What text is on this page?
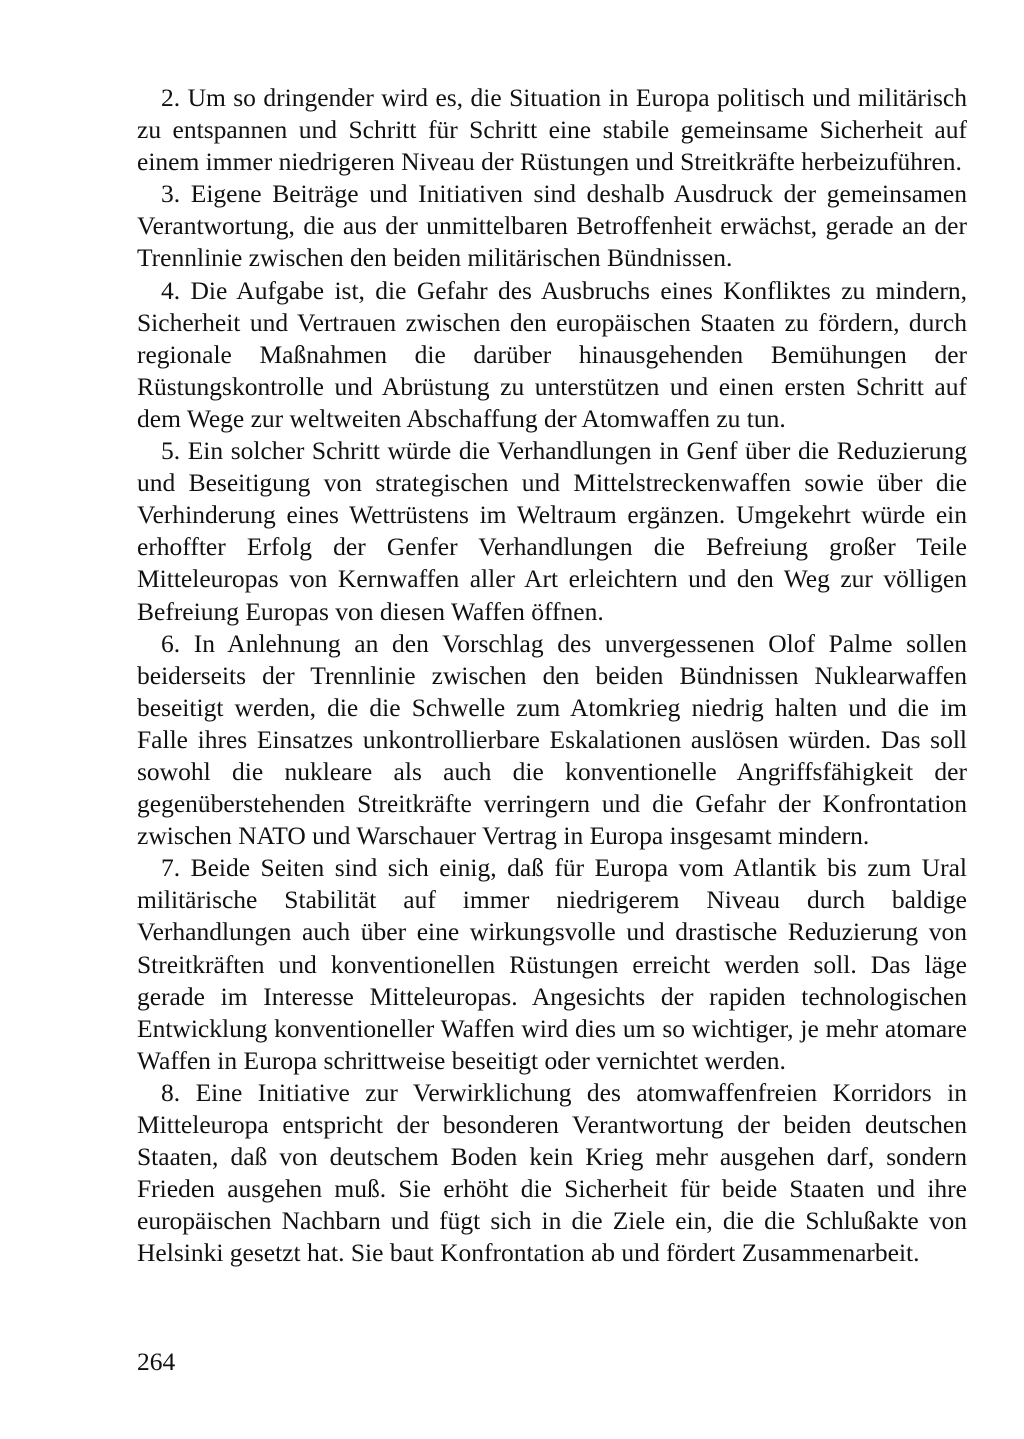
2. Um so dringender wird es, die Situation in Europa politisch und militärisch zu entspannen und Schritt für Schritt eine stabile gemeinsame Sicherheit auf einem immer niedrigeren Niveau der Rüstungen und Streitkräfte herbeizuführen.

3. Eigene Beiträge und Initiativen sind deshalb Ausdruck der gemeinsamen Verantwortung, die aus der unmittelbaren Betroffenheit erwächst, gerade an der Trennlinie zwischen den beiden militärischen Bündnissen.

4. Die Aufgabe ist, die Gefahr des Ausbruchs eines Konfliktes zu mindern, Sicherheit und Vertrauen zwischen den europäischen Staaten zu fördern, durch regionale Maßnahmen die darüber hinausgehenden Bemühungen der Rüstungskontrolle und Abrüstung zu unterstützen und einen ersten Schritt auf dem Wege zur weltweiten Abschaffung der Atomwaffen zu tun.

5. Ein solcher Schritt würde die Verhandlungen in Genf über die Reduzierung und Beseitigung von strategischen und Mittelstreckenwaffen sowie über die Verhinderung eines Wettrüstens im Weltraum ergänzen. Umgekehrt würde ein erhoffter Erfolg der Genfer Verhandlungen die Befreiung großer Teile Mitteleuropas von Kernwaffen aller Art erleichtern und den Weg zur völligen Befreiung Europas von diesen Waffen öffnen.

6. In Anlehnung an den Vorschlag des unvergessenen Olof Palme sollen beiderseits der Trennlinie zwischen den beiden Bündnissen Nuklearwaffen beseitigt werden, die die Schwelle zum Atomkrieg niedrig halten und die im Falle ihres Einsatzes unkontrollierbare Eskalationen auslösen würden. Das soll sowohl die nukleare als auch die konventionelle Angriffsfähigkeit der gegenüberstehenden Streitkräfte verringern und die Gefahr der Konfrontation zwischen NATO und Warschauer Vertrag in Europa insgesamt mindern.

7. Beide Seiten sind sich einig, daß für Europa vom Atlantik bis zum Ural militärische Stabilität auf immer niedrigerem Niveau durch baldige Verhandlungen auch über eine wirkungsvolle und drastische Reduzierung von Streitkräften und konventionellen Rüstungen erreicht werden soll. Das läge gerade im Interesse Mitteleuropas. Angesichts der rapiden technologischen Entwicklung konventioneller Waffen wird dies um so wichtiger, je mehr atomare Waffen in Europa schrittweise beseitigt oder vernichtet werden.

8. Eine Initiative zur Verwirklichung des atomwaffenfreien Korridors in Mitteleuropa entspricht der besonderen Verantwortung der beiden deutschen Staaten, daß von deutschem Boden kein Krieg mehr ausgehen darf, sondern Frieden ausgehen muß. Sie erhöht die Sicherheit für beide Staaten und ihre europäischen Nachbarn und fügt sich in die Ziele ein, die die Schlußakte von Helsinki gesetzt hat. Sie baut Konfrontation ab und fördert Zusammenarbeit.

264
